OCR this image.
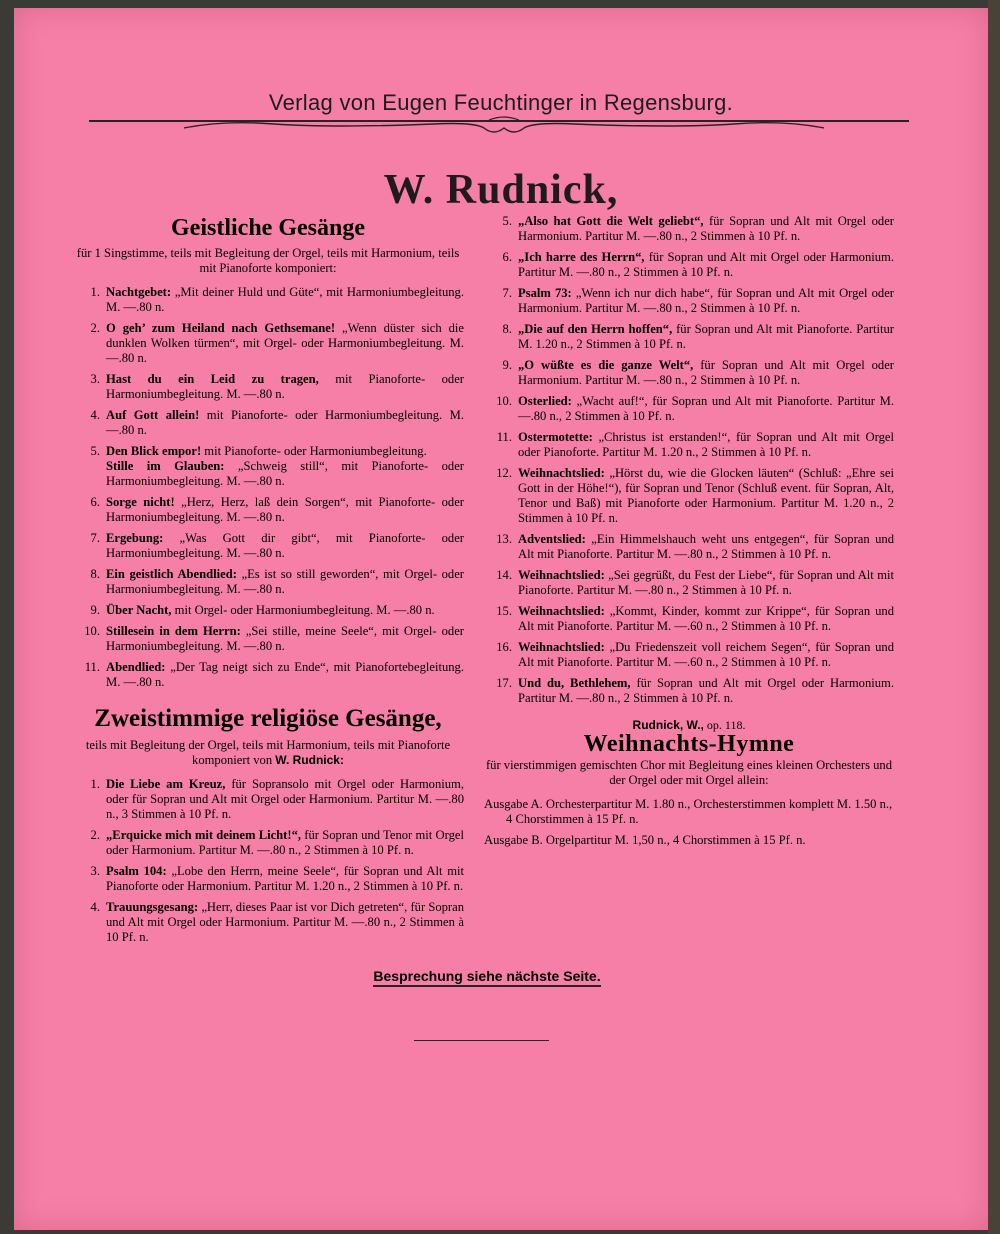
Verlag von Eugen Feuchtinger in Regensburg.
W. Rudnick,
Geistliche Gesänge
für 1 Singstimme, teils mit Begleitung der Orgel, teils mit Harmonium, teils mit Pianoforte komponiert:
1. Nachtgebet: „Mit deiner Huld und Güte“, mit Harmoniumbegleitung. M. —.80 n.
2. O geh’ zum Heiland nach Gethsemane! „Wenn düster sich die dunklen Wolken türmen“, mit Orgel- oder Harmoniumbegleitung. M. —.80 n.
3. Hast du ein Leid zu tragen, mit Pianoforte- oder Harmoniumbegleitung. M. —.80 n.
4. Auf Gott allein! mit Pianoforte- oder Harmoniumbegleitung. M. —.80 n.
5. Den Blick empor! mit Pianoforte- oder Harmoniumbegleitung.
Stille im Glauben: „Schweig still“, mit Pianoforte- oder Harmoniumbegleitung. M. —.80 n.
6. Sorge nicht! „Herz, Herz, laß dein Sorgen“, mit Pianoforte- oder Harmoniumbegleitung. M. —.80 n.
7. Ergebung: „Was Gott dir gibt“, mit Pianoforte- oder Harmoniumbegleitung. M. —.80 n.
8. Ein geistlich Abendlied: „Es ist so still geworden“, mit Orgel- oder Harmoniumbegleitung. M. —.80 n.
9. Über Nacht, mit Orgel- oder Harmoniumbegleitung. M. —.80 n.
10. Stillesein in dem Herrn: „Sei stille, meine Seele“, mit Orgel- oder Harmoniumbegleitung. M. —.80 n.
11. Abendlied: „Der Tag neigt sich zu Ende“, mit Pianofortebegleitung. M. —.80 n.
Zweistimmige religiöse Gesänge,
teils mit Begleitung der Orgel, teils mit Harmonium, teils mit Pianoforte komponiert von W. Rudnick:
1. Die Liebe am Kreuz, für Sopransolo mit Orgel oder Harmonium, oder für Sopran und Alt mit Orgel oder Harmonium. Partitur M. —.80 n., 3 Stimmen à 10 Pf. n.
2. „Erquicke mich mit deinem Licht!“, für Sopran und Tenor mit Orgel oder Harmonium. Partitur M. —.80 n., 2 Stimmen à 10 Pf. n.
3. Psalm 104: „Lobe den Herrn, meine Seele“, für Sopran und Alt mit Pianoforte oder Harmonium. Partitur M. 1.20 n., 2 Stimmen à 10 Pf. n.
4. Trauungsgesang: „Herr, dieses Paar ist vor Dich getreten“, für Sopran und Alt mit Orgel oder Harmonium. Partitur M. —.80 n., 2 Stimmen à 10 Pf. n.
5. „Also hat Gott die Welt geliebt“, für Sopran und Alt mit Orgel oder Harmonium. Partitur M. —.80 n., 2 Stimmen à 10 Pf. n.
6. „Ich harre des Herrn“, für Sopran und Alt mit Orgel oder Harmonium. Partitur M. —.80 n., 2 Stimmen à 10 Pf. n.
7. Psalm 73: „Wenn ich nur dich habe“, für Sopran und Alt mit Orgel oder Harmonium. Partitur M. —.80 n., 2 Stimmen à 10 Pf. n.
8. „Die auf den Herrn hoffen“, für Sopran und Alt mit Pianoforte. Partitur M. 1.20 n., 2 Stimmen à 10 Pf. n.
9. „O wüßte es die ganze Welt“, für Sopran und Alt mit Orgel oder Harmonium. Partitur M. —.80 n., 2 Stimmen à 10 Pf. n.
10. Osterlied: „Wacht auf!“, für Sopran und Alt mit Pianoforte. Partitur M. —.80 n., 2 Stimmen à 10 Pf. n.
11. Ostermotette: „Christus ist erstanden!“, für Sopran und Alt mit Orgel oder Pianoforte. Partitur M. 1.20 n., 2 Stimmen à 10 Pf. n.
12. Weihnachtslied: „Hörst du, wie die Glocken läuten“ (Schluß: „Ehre sei Gott in der Höhe!“), für Sopran und Tenor (Schluß event. für Sopran, Alt, Tenor und Baß) mit Pianoforte oder Harmonium. Partitur M. 1.20 n., 2 Stimmen à 10 Pf. n.
13. Adventslied: „Ein Himmelshauch weht uns entgegen“, für Sopran und Alt mit Pianoforte. Partitur M. —.80 n., 2 Stimmen à 10 Pf. n.
14. Weihnachtslied: „Sei gegrüßt, du Fest der Liebe“, für Sopran und Alt mit Pianoforte. Partitur M. —.80 n., 2 Stimmen à 10 Pf. n.
15. Weihnachtslied: „Kommt, Kinder, kommt zur Krippe“, für Sopran und Alt mit Pianoforte. Partitur M. —.60 n., 2 Stimmen à 10 Pf. n.
16. Weihnachtslied: „Du Friedenszeit voll reichem Segen“, für Sopran und Alt mit Pianoforte. Partitur M. —.60 n., 2 Stimmen à 10 Pf. n.
17. Und du, Bethlehem, für Sopran und Alt mit Orgel oder Harmonium. Partitur M. —.80 n., 2 Stimmen à 10 Pf. n.
Rudnick, W., op. 118.
Weihnachts-Hymne
für vierstimmigen gemischten Chor mit Begleitung eines kleinen Orchesters und der Orgel oder mit Orgel allein:
Ausgabe A. Orchesterpartitur M. 1.80 n., Orchesterstimmen komplett M. 1.50 n., 4 Chorstimmen à 15 Pf. n.
Ausgabe B. Orgelpartitur M. 1,50 n., 4 Chorstimmen à 15 Pf. n.
Besprechung siehe nächste Seite.
